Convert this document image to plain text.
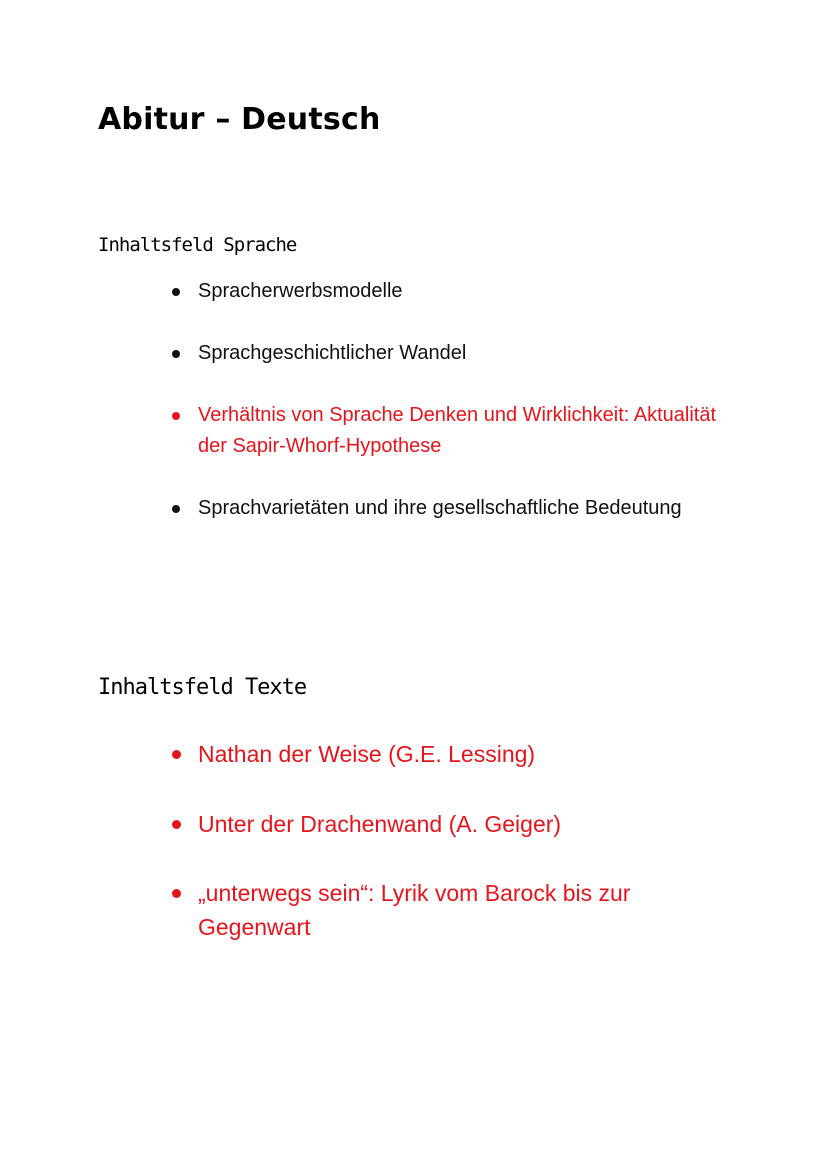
Abitur – Deutsch
Inhaltsfeld Sprache
Spracherwerbsmodelle
Sprachgeschichtlicher Wandel
Verhältnis von Sprache Denken und Wirklichkeit: Aktualität der Sapir-Whorf-Hypothese
Sprachvarietäten und ihre gesellschaftliche Bedeutung
Inhaltsfeld Texte
Nathan der Weise (G.E. Lessing)
Unter der Drachenwand (A. Geiger)
„unterwegs sein“: Lyrik vom Barock bis zur Gegenwart
